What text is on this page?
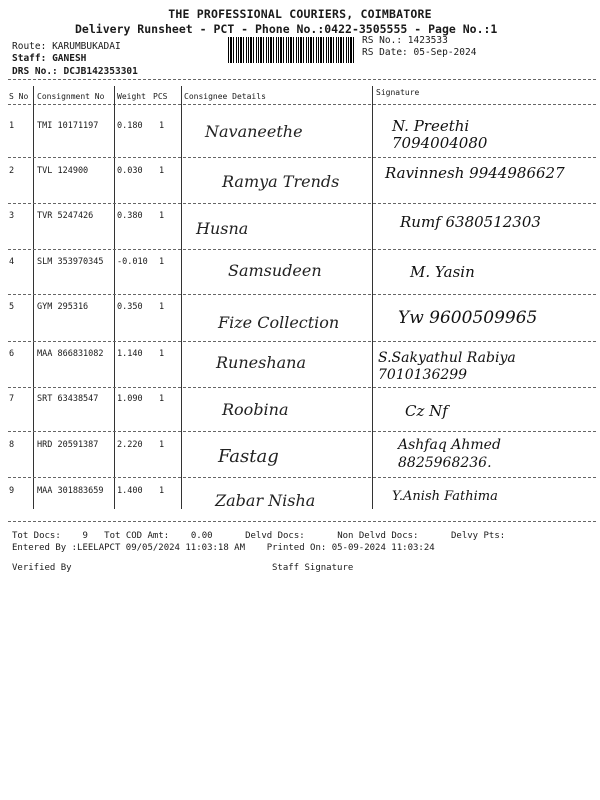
THE PROFESSIONAL COURIERS, COIMBATORE
Delivery Runsheet - PCT - Phone No.:0422-3505555 - Page No.:1
Route: KARUMBUKADAI
Staff: GANESH
DRS No.: DCJB142353301
RS No.: 1423533
RS Date: 05-Sep-2024
S No Consignment No Weight PCS Consignee Details	Signature
1	TMI 10171197 0.180 1	Navaneethe	N. Preethi 7094004080
2	TVL 124900	0.030 1
Ramya Trends	Ravinnesh 9944986627
3	TVR 5247426	0.380 1
Husna	Rumf 6380512303
4	SLM 353970345 -0.010 1	Samsudeen	M. Yasin
5	GYM 295316	0.350 1
Fize Collection	Yw 9600509965
6	MAA 866831082 1.140 1	Runeshana	S.Sakyathul Rabiya 7010136299
7	SRT 63438547 1.090 1
Roobina	Cz Nf
8	HRD 20591387 2.220 1
Fastag
Ashfaq Ahmed 8825968236.
9	MAA 301883659 1.400 1	Zabar Nisha	Y.Anish Fathima
Tot Docs: 9 Tot COD Amt: 0.00	Delvd Docs:	Non Delvd Docs:	Delvy Pts:
Entered By :LEELAPCT 09/05/2024 11:03:18 AM Printed On: 05-09-2024 11:03:24
Verified By	Staff Signature
